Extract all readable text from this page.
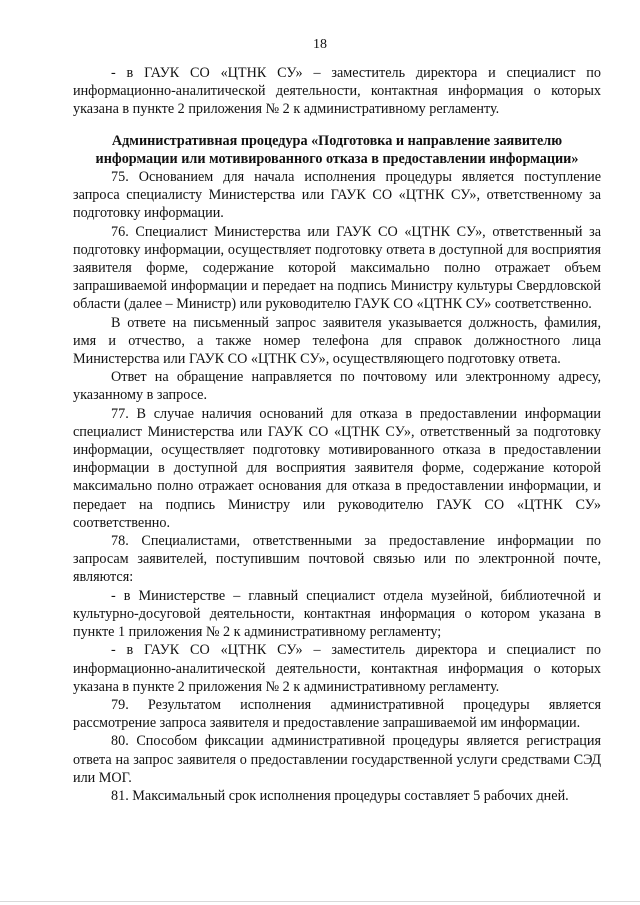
18

- в ГАУК СО «ЦТНК СУ» – заместитель директора и специалист по информационно-аналитической деятельности, контактная информация о которых указана в пункте 2 приложения № 2 к административному регламенту.

Административная процедура «Подготовка и направление заявителю
информации или мотивированного отказа в предоставлении информации»

75. Основанием для начала исполнения процедуры является поступление запроса специалисту Министерства или ГАУК СО «ЦТНК СУ», ответственному за подготовку информации.

76. Специалист Министерства или ГАУК СО «ЦТНК СУ», ответственный за подготовку информации, осуществляет подготовку ответа в доступной для восприятия заявителя форме, содержание которой максимально полно отражает объем запрашиваемой информации и передает на подпись Министру культуры Свердловской области (далее – Министр) или руководителю ГАУК СО «ЦТНК СУ» соответственно.

В ответе на письменный запрос заявителя указывается должность, фамилия, имя и отчество, а также номер телефона для справок должностного лица Министерства или ГАУК СО «ЦТНК СУ», осуществляющего подготовку ответа.

Ответ на обращение направляется по почтовому или электронному адресу, указанному в запросе.

77. В случае наличия оснований для отказа в предоставлении информации специалист Министерства или ГАУК СО «ЦТНК СУ», ответственный за подготовку информации, осуществляет подготовку мотивированного отказа в предоставлении информации в доступной для восприятия заявителя форме, содержание которой максимально полно отражает основания для отказа в предоставлении информации, и передает на подпись Министру или руководителю ГАУК СО «ЦТНК СУ» соответственно.

78. Специалистами, ответственными за предоставление информации по запросам заявителей, поступившим почтовой связью или по электронной почте, являются:

- в Министерстве – главный специалист отдела музейной, библиотечной и культурно-досуговой деятельности, контактная информация о котором указана в пункте 1 приложения № 2 к административному регламенту;

- в ГАУК СО «ЦТНК СУ» – заместитель директора и специалист по информационно-аналитической деятельности, контактная информация о которых указана в пункте 2 приложения № 2 к административному регламенту.

79. Результатом исполнения административной процедуры является рассмотрение запроса заявителя и предоставление запрашиваемой им информации.

80. Способом фиксации административной процедуры является регистрация ответа на запрос заявителя о предоставлении государственной услуги средствами СЭД или МОГ.

81. Максимальный срок исполнения процедуры составляет 5 рабочих дней.
